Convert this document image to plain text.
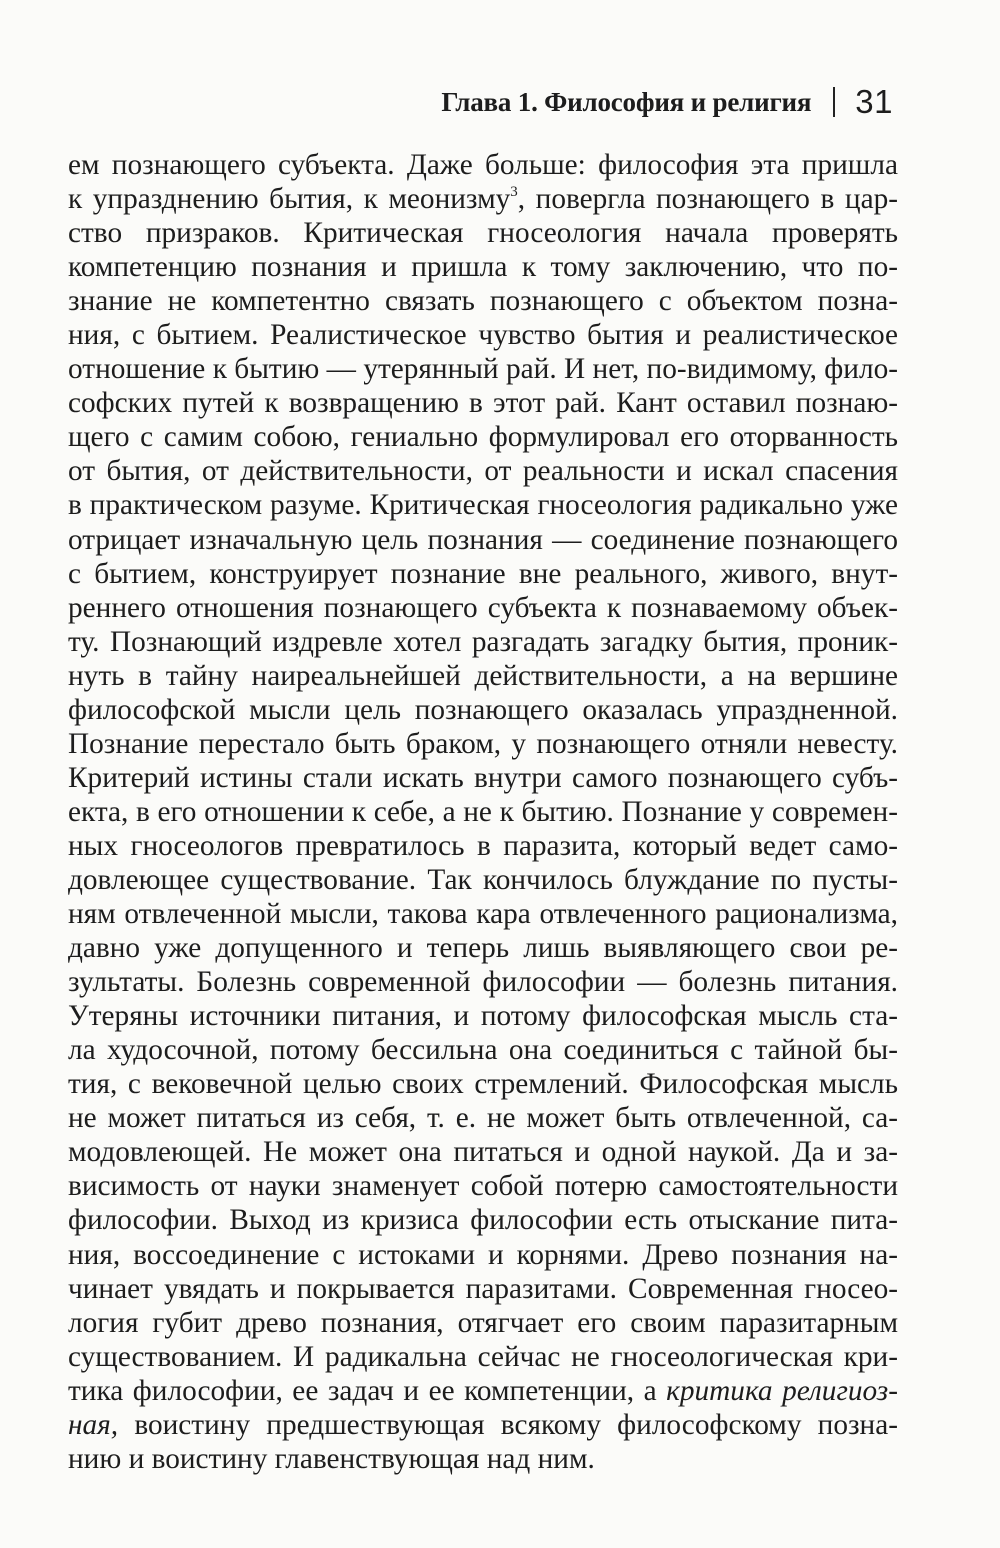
Глава 1. Философия и религия 31
ем познающего субъекта. Даже больше: философия эта пришла
к упразднению бытия, к меонизму$^3$, повергла познающего в цар-
ство призраков. Критическая гносеология начала проверять
компетенцию познания и пришла к тому заключению, что по-
знание не компетентно связать познающего с объектом позна-
ния, с бытием. Реалистическое чувство бытия и реалистическое
отношение к бытию — утерянный рай. И нет, по-видимому, фило-
софских путей к возвращению в этот рай. Кант оставил познаю-
щего с самим собою, гениально формулировал его оторванность
от бытия, от действительности, от реальности и искал спасения
в практическом разуме. Критическая гносеология радикально уже
отрицает изначальную цель познания — соединение познающего
с бытием, конструирует познание вне реального, живого, внут-
реннего отношения познающего субъекта к познаваемому объек-
ту. Познающий издревле хотел разгадать загадку бытия, проник-
нуть в тайну наиреальнейшей действительности, а на вершине
философской мысли цель познающего оказалась упраздненной.
Познание перестало быть браком, у познающего отняли невесту.
Критерий истины стали искать внутри самого познающего субъ-
екта, в его отношении к себе, а не к бытию. Познание у современ-
ных гносеологов превратилось в паразита, который ведет само-
довлеющее существование. Так кончилось блуждание по пусты-
ням отвлеченной мысли, такова кара отвлеченного рационализма,
давно уже допущенного и теперь лишь выявляющего свои ре-
зультаты. Болезнь современной философии — болезнь питания.
Утеряны источники питания, и потому философская мысль ста-
ла худосочной, потому бессильна она соединиться с тайной бы-
тия, с вековечной целью своих стремлений. Философская мысль
не может питаться из себя, т. е. не может быть отвлеченной, са-
модовлеющей. Не может она питаться и одной наукой. Да и за-
висимость от науки знаменует собой потерю самостоятельности
философии. Выход из кризиса философии есть отыскание пита-
ния, воссоединение с истоками и корнями. Древо познания на-
чинает увядать и покрывается паразитами. Современная гносео-
логия губит древо познания, отягчает его своим паразитарным
существованием. И радикальна сейчас не гносеологическая кри-
тика философии, ее задач и ее компетенции, а критика религиоз-
ная, воистину предшествующая всякому философскому позна-
нию и воистину главенствующая над ним.
